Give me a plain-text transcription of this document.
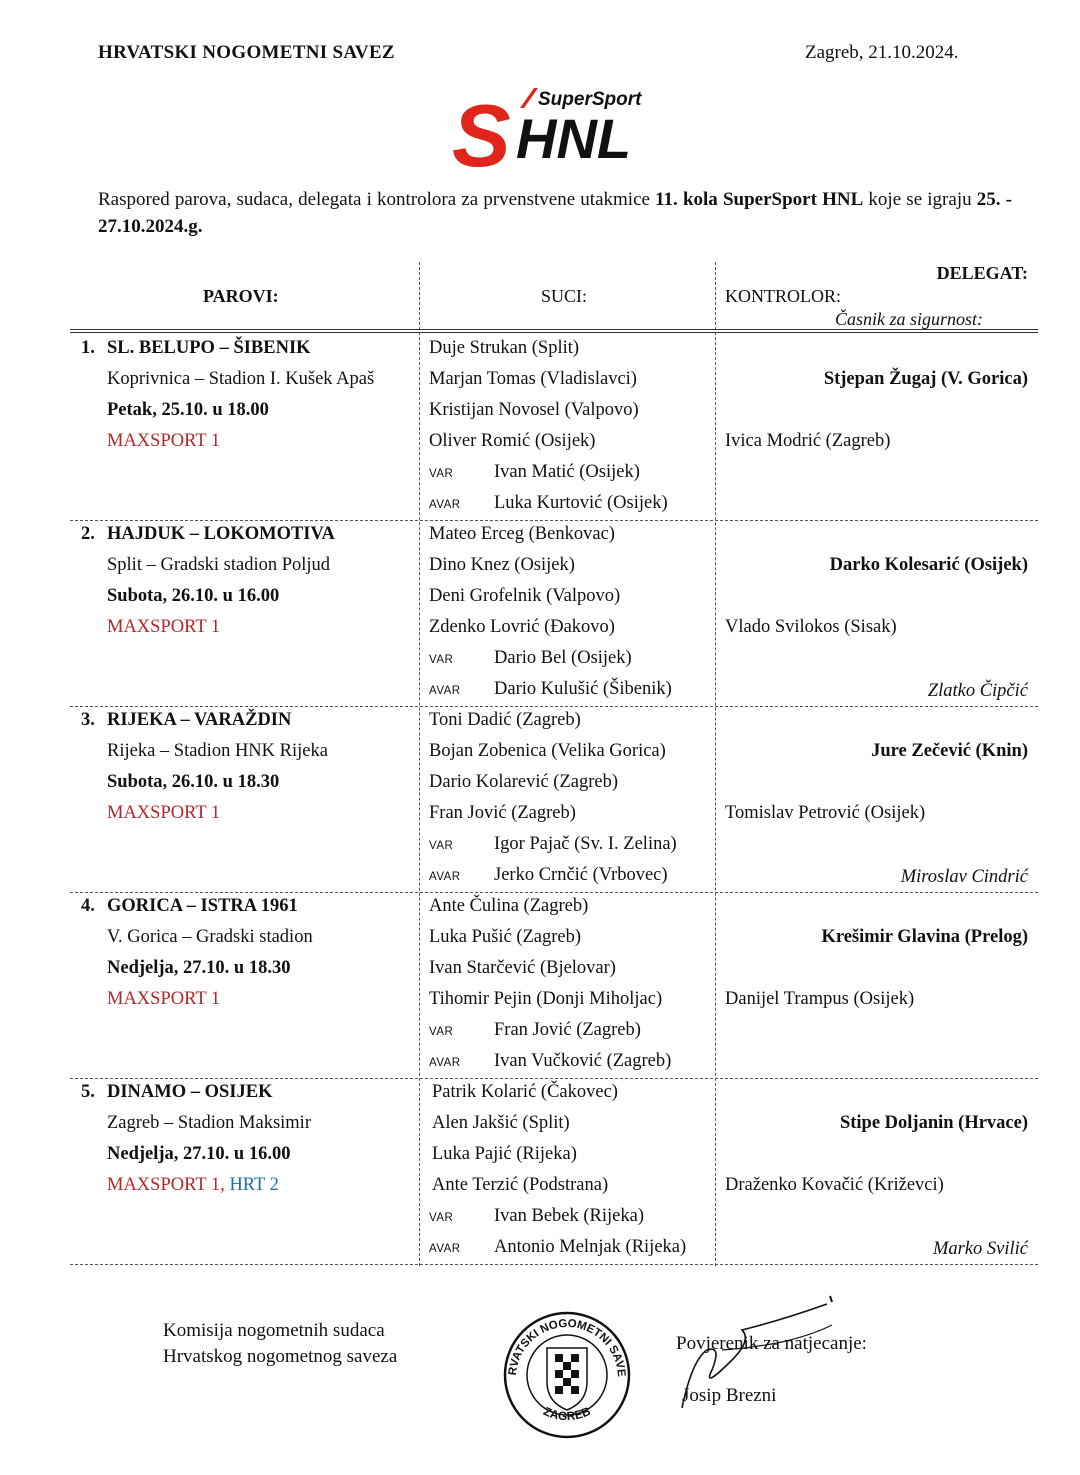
HRVATSKI NOGOMETNI SAVEZ	Zagreb, 21.10.2024.
SuperSport
S HNL
Raspored parova, sudaca, delegata i kontrolora za prvenstvene utakmice 11. kola SuperSport HNL koje se igraju 25. - 27.10.2024.g.
PAROVI:	SUCI:
DELEGAT:
KONTROLOR:
Časnik za sigurnost:
1. SL. BELUPO – ŠIBENIK
Koprivnica – Stadion I. Kušek Apaš
Petak, 25.10. u 18.00
MAXSPORT 1
Duje Strukan (Split)
Marjan Tomas (Vladislavci)
Kristijan Novosel (Valpovo)
Oliver Romić (Osijek)
VAR Ivan Matić (Osijek)
AVAR Luka Kurtović (Osijek)
Stjepan Žugaj (V. Gorica)
Ivica Modrić (Zagreb)
2. HAJDUK – LOKOMOTIVA
Split – Gradski stadion Poljud
Subota, 26.10. u 16.00
MAXSPORT 1
Mateo Erceg (Benkovac)
Dino Knez (Osijek)
Deni Grofelnik (Valpovo)
Zdenko Lovrić (Đakovo)
VAR Dario Bel (Osijek)
AVAR Dario Kulušić (Šibenik)
Darko Kolesarić (Osijek)
Vlado Svilokos (Sisak)
Zlatko Čipčić
3. RIJEKA – VARAŽDIN
Rijeka – Stadion HNK Rijeka
Subota, 26.10. u 18.30
MAXSPORT 1
Toni Dadić (Zagreb)
Bojan Zobenica (Velika Gorica)
Dario Kolarević (Zagreb)
Fran Jović (Zagreb)
VAR Igor Pajač (Sv. I. Zelina)
AVAR Jerko Crnčić (Vrbovec)
Jure Zečević (Knin)
Tomislav Petrović (Osijek)
Miroslav Cindrić
4. GORICA – ISTRA 1961
V. Gorica – Gradski stadion
Nedjelja, 27.10. u 18.30
MAXSPORT 1
Ante Čulina (Zagreb)
Luka Pušić (Zagreb)
Ivan Starčević (Bjelovar)
Tihomir Pejin (Donji Miholjac)
VAR Fran Jović (Zagreb)
AVAR Ivan Vučković (Zagreb)
Krešimir Glavina (Prelog)
Danijel Trampus (Osijek)
5. DINAMO – OSIJEK
Zagreb – Stadion Maksimir
Nedjelja, 27.10. u 16.00
MAXSPORT 1, HRT 2
Patrik Kolarić (Čakovec)
Alen Jakšić (Split)
Luka Pajić (Rijeka)
Ante Terzić (Podstrana)
VAR Ivan Bebek (Rijeka)
AVAR Antonio Melnjak (Rijeka)
Stipe Doljanin (Hrvace)
Draženko Kovačić (Križevci)
Marko Svilić
Komisija nogometnih sudaca
Hrvatskog nogometnog saveza
RVATSKI NOGOMETNI SAVE
ZAGREB
Povjerenik za natjecanje:
Josip Brezni
